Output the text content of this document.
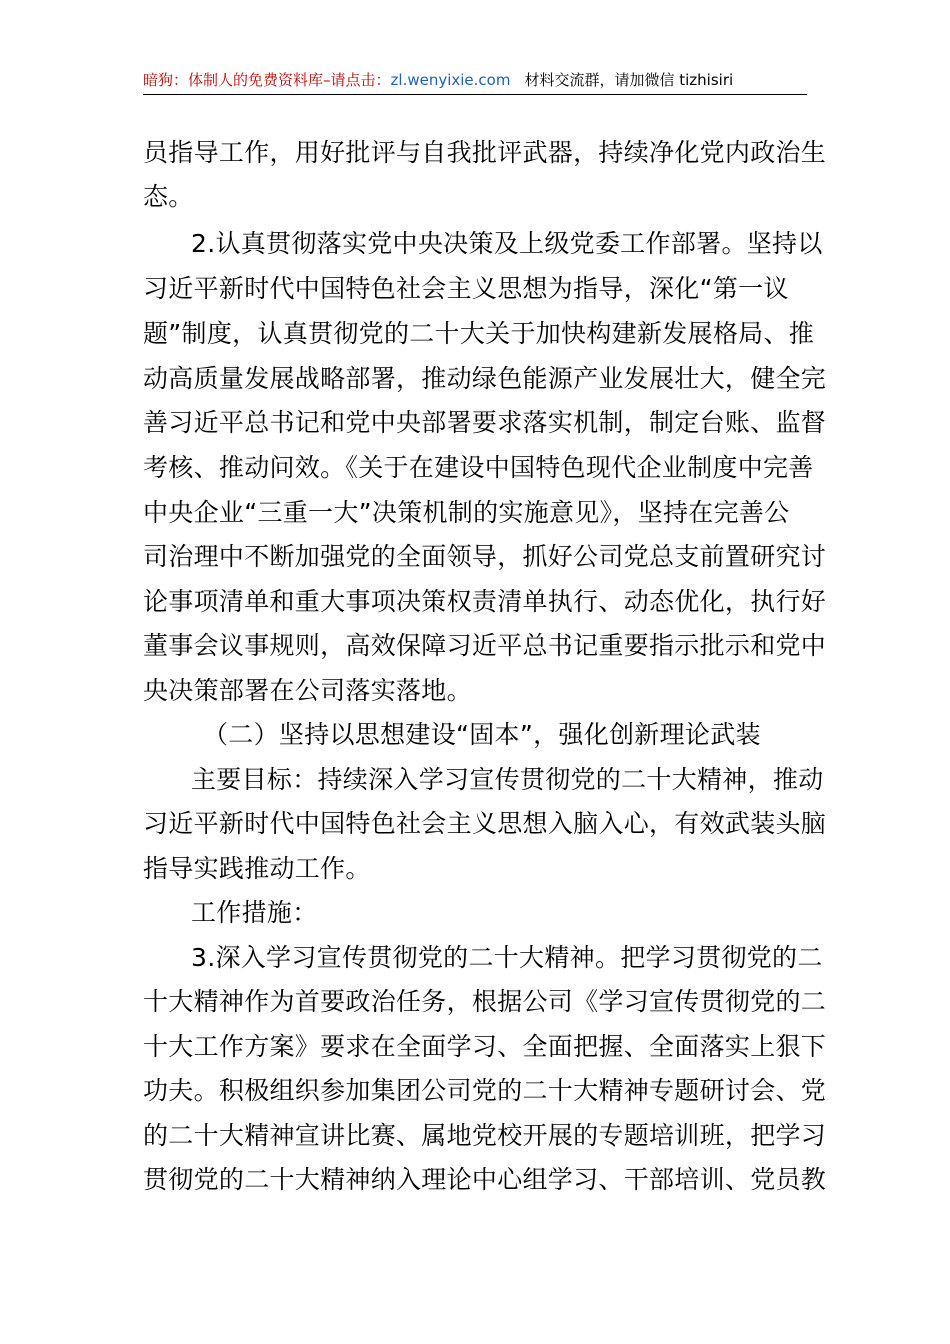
暗狗：体制人的免费资料库–请点击：zl.wenyixie.com 材料交流群，请加微信 tizhisiri
员指导工作，用好批评与自我批评武器，持续净化党内政治生
态。
2.认真贯彻落实党中央决策及上级党委工作部署。坚持以
习近平新时代中国特色社会主义思想为指导，深化“第一议
题”制度，认真贯彻党的二十大关于加快构建新发展格局、推
动高质量发展战略部署，推动绿色能源产业发展壮大，健全完
善习近平总书记和党中央部署要求落实机制，制定台账、监督
考核、推动问效。《关于在建设中国特色现代企业制度中完善
中央企业“三重一大”决策机制的实施意见》，坚持在完善公
司治理中不断加强党的全面领导，抓好公司党总支前置研究讨
论事项清单和重大事项决策权责清单执行、动态优化，执行好
董事会议事规则，高效保障习近平总书记重要指示批示和党中
央决策部署在公司落实落地。
（二）坚持以思想建设“固本”，强化创新理论武装
主要目标：持续深入学习宣传贯彻党的二十大精神，推动
习近平新时代中国特色社会主义思想入脑入心，有效武装头脑
指导实践推动工作。
工作措施：
3.深入学习宣传贯彻党的二十大精神。把学习贯彻党的二
十大精神作为首要政治任务，根据公司《学习宣传贯彻党的二
十大工作方案》要求在全面学习、全面把握、全面落实上狠下
功夫。积极组织参加集团公司党的二十大精神专题研讨会、党
的二十大精神宣讲比赛、属地党校开展的专题培训班，把学习
贯彻党的二十大精神纳入理论中心组学习、干部培训、党员教
